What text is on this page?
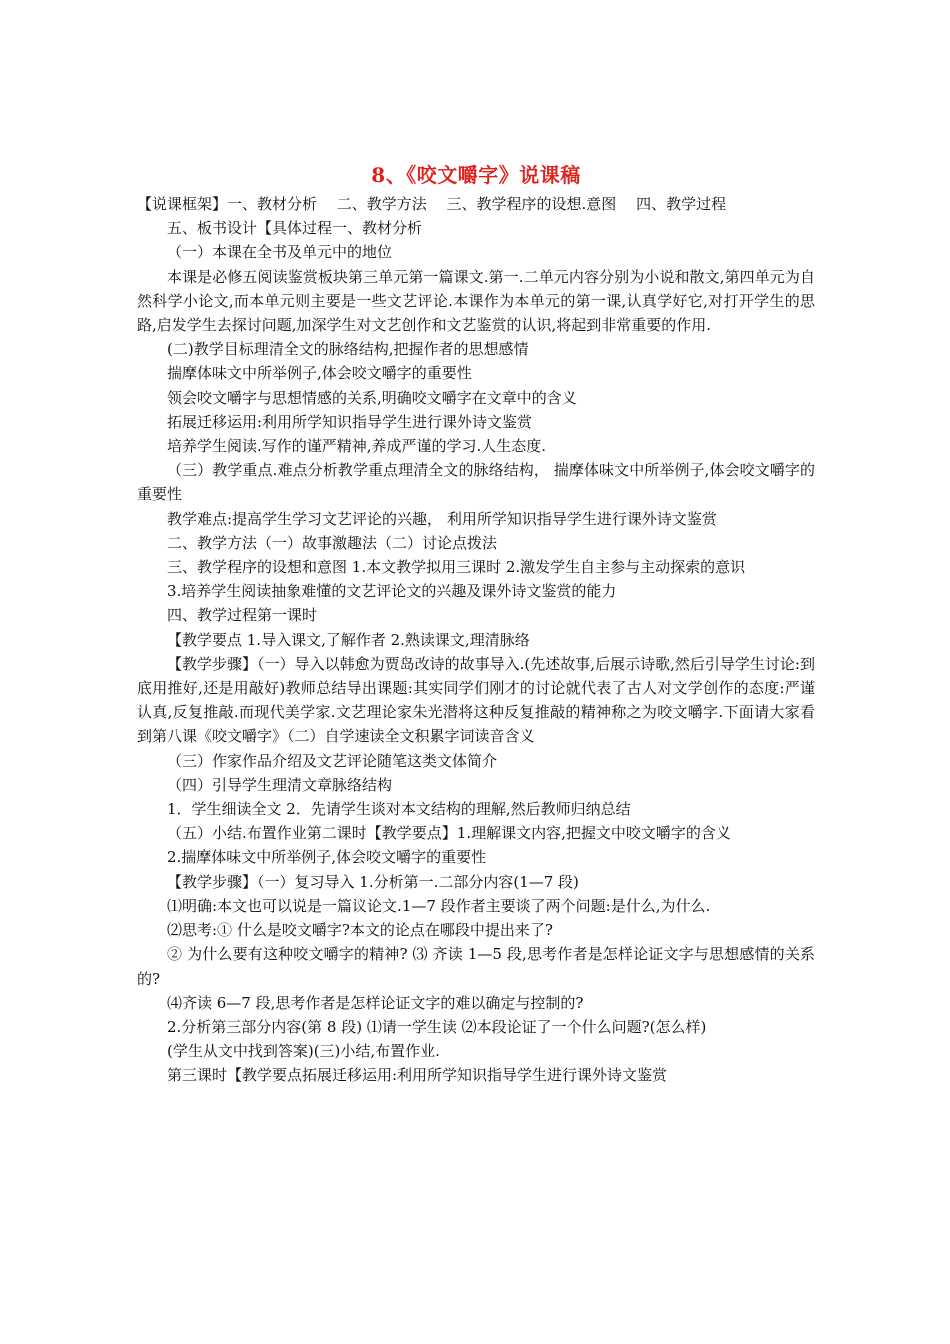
8、《咬文嚼字》说课稿

【说课框架】一、教材分析　 二、教学方法　 三、教学程序的设想.意图　 四、教学过程

五、板书设计【具体过程一、教材分析

（一）本课在全书及单元中的地位

本课是必修五阅读鉴赏板块第三单元第一篇课文.第一.二单元内容分别为小说和散文,第四单元为自然科学小论文,而本单元则主要是一些文艺评论.本课作为本单元的第一课,认真学好它,对打开学生的思路,启发学生去探讨问题,加深学生对文艺创作和文艺鉴赏的认识,将起到非常重要的作用.

(二)教学目标理清全文的脉络结构,把握作者的思想感情

揣摩体味文中所举例子,体会咬文嚼字的重要性

领会咬文嚼字与思想情感的关系,明确咬文嚼字在文章中的含义

拓展迁移运用:利用所学知识指导学生进行课外诗文鉴赏

培养学生阅读.写作的谨严精神,养成严谨的学习.人生态度.

（三）教学重点.难点分析教学重点理清全文的脉络结构， 揣摩体味文中所举例子,体会咬文嚼字的重要性

教学难点:提高学生学习文艺评论的兴趣， 利用所学知识指导学生进行课外诗文鉴赏

二、教学方法（一）故事激趣法（二）讨论点拨法

三、教学程序的设想和意图 1.本文教学拟用三课时 2.激发学生自主参与主动探索的意识

3.培养学生阅读抽象难懂的文艺评论文的兴趣及课外诗文鉴赏的能力

四、教学过程第一课时

【教学要点 1.导入课文,了解作者 2.熟读课文,理清脉络

【教学步骤】（一）导入以韩愈为贾岛改诗的故事导入.(先述故事,后展示诗歌,然后引导学生讨论:到底用推好,还是用敲好)教师总结导出课题:其实同学们刚才的讨论就代表了古人对文学创作的态度:严谨认真,反复推敲.而现代美学家.文艺理论家朱光潜将这种反复推敲的精神称之为咬文嚼字.下面请大家看到第八课《咬文嚼字》（二）自学速读全文积累字词读音含义

（三）作家作品介绍及文艺评论随笔这类文体简介

（四）引导学生理清文章脉络结构

1．学生细读全文 2．先请学生谈对本文结构的理解,然后教师归纳总结

（五）小结.布置作业第二课时【教学要点】1.理解课文内容,把握文中咬文嚼字的含义

2.揣摩体味文中所举例子,体会咬文嚼字的重要性

【教学步骤】（一）复习导入 1.分析第一.二部分内容(1—7 段)

⑴明确:本文也可以说是一篇议论文.1—7 段作者主要谈了两个问题:是什么,为什么.

⑵思考:① 什么是咬文嚼字?本文的论点在哪段中提出来了?

② 为什么要有这种咬文嚼字的精神? ⑶ 齐读 1—5 段,思考作者是怎样论证文字与思想感情的关系的?

⑷齐读 6—7 段,思考作者是怎样论证文字的难以确定与控制的?

2.分析第三部分内容(第 8 段) ⑴请一学生读 ⑵本段论证了一个什么问题?(怎么样)

(学生从文中找到答案)(三)小结,布置作业.

第三课时【教学要点拓展迁移运用:利用所学知识指导学生进行课外诗文鉴赏
